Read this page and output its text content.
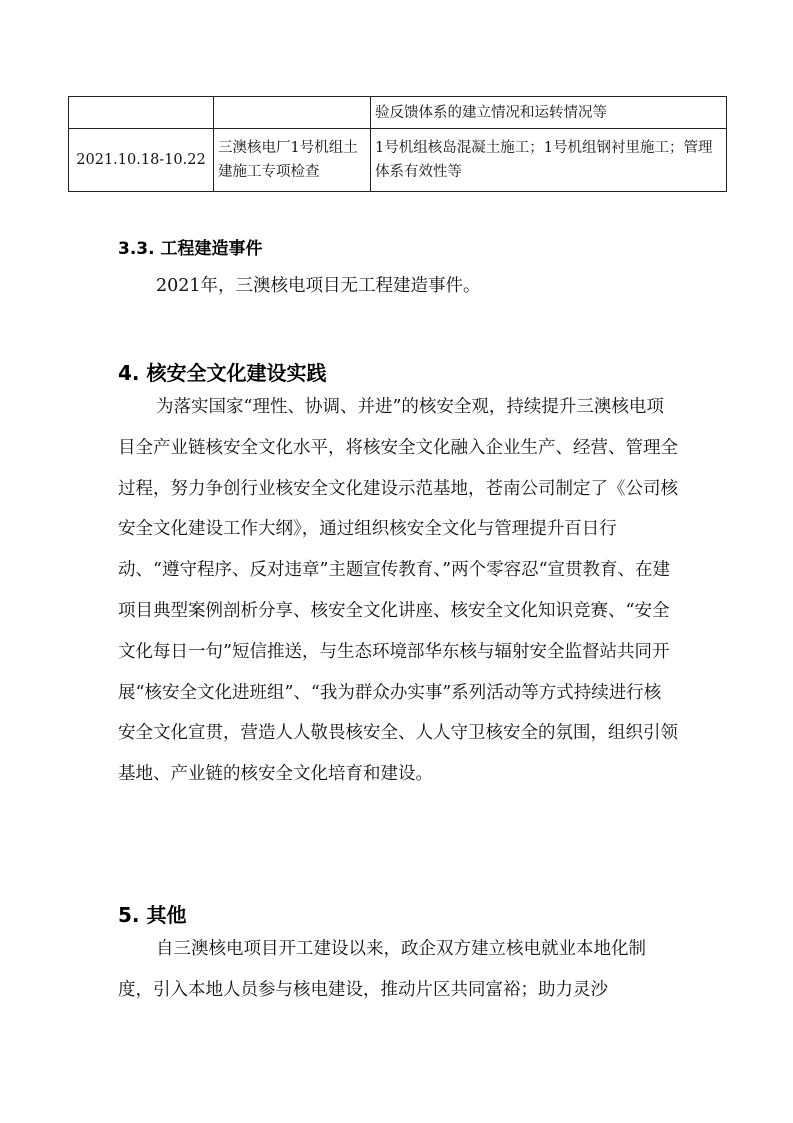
		验反馈体系的建立情况和运转情况等
2021.10.18-10.22	三澳核电厂1号机组土建施工专项检查	1号机组核岛混凝土施工；1号机组钢衬里施工；管理体系有效性等
3.3. 工程建造事件

2021年，三澳核电项目无工程建造事件。

4. 核安全文化建设实践

为落实国家“理性、协调、并进”的核安全观，持续提升三澳核电项目全产业链核安全文化水平，将核安全文化融入企业生产、经营、管理全过程，努力争创行业核安全文化建设示范基地，苍南公司制定了《公司核安全文化建设工作大纲》，通过组织核安全文化与管理提升百日行动、“遵守程序、反对违章”主题宣传教育、”两个零容忍“宣贯教育、在建项目典型案例剖析分享、核安全文化讲座、核安全文化知识竞赛、“安全文化每日一句”短信推送，与生态环境部华东核与辐射安全监督站共同开展“核安全文化进班组”、“我为群众办实事”系列活动等方式持续进行核安全文化宣贯，营造人人敬畏核安全、人人守卫核安全的氛围，组织引领基地、产业链的核安全文化培育和建设。

5. 其他

自三澳核电项目开工建设以来，政企双方建立核电就业本地化制度，引入本地人员参与核电建设，推动片区共同富裕；助力灵沙
